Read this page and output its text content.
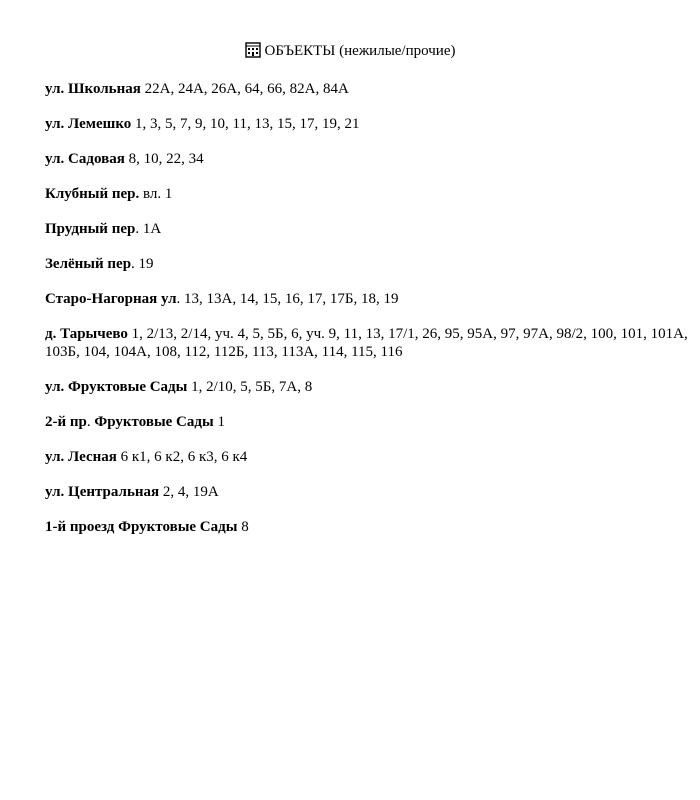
ОБЪЕКТЫ (нежилые/прочие)

ул. Школьная 22А, 24А, 26А, 64, 66, 82А, 84А

ул. Лемешко 1, 3, 5, 7, 9, 10, 11, 13, 15, 17, 19, 21

ул. Садовая 8, 10, 22, 34

Клубный пер. вл. 1

Прудный пер. 1А

Зелёный пер. 19

Старо-Нагорная ул. 13, 13А, 14, 15, 16, 17, 17Б, 18, 19

д. Тарычево 1, 2/13, 2/14, уч. 4, 5, 5Б, 6, уч. 9, 11, 13, 17/1, 26, 95, 95А, 97, 97А, 98/2, 100, 101, 101А, 103Б, 104, 104А, 108, 112, 112Б, 113, 113А, 114, 115, 116

ул. Фруктовые Сады 1, 2/10, 5, 5Б, 7А, 8

2-й пр. Фруктовые Сады 1

ул. Лесная 6 к1, 6 к2, 6 к3, 6 к4

ул. Центральная 2, 4, 19А

1-й проезд Фруктовые Сады 8
